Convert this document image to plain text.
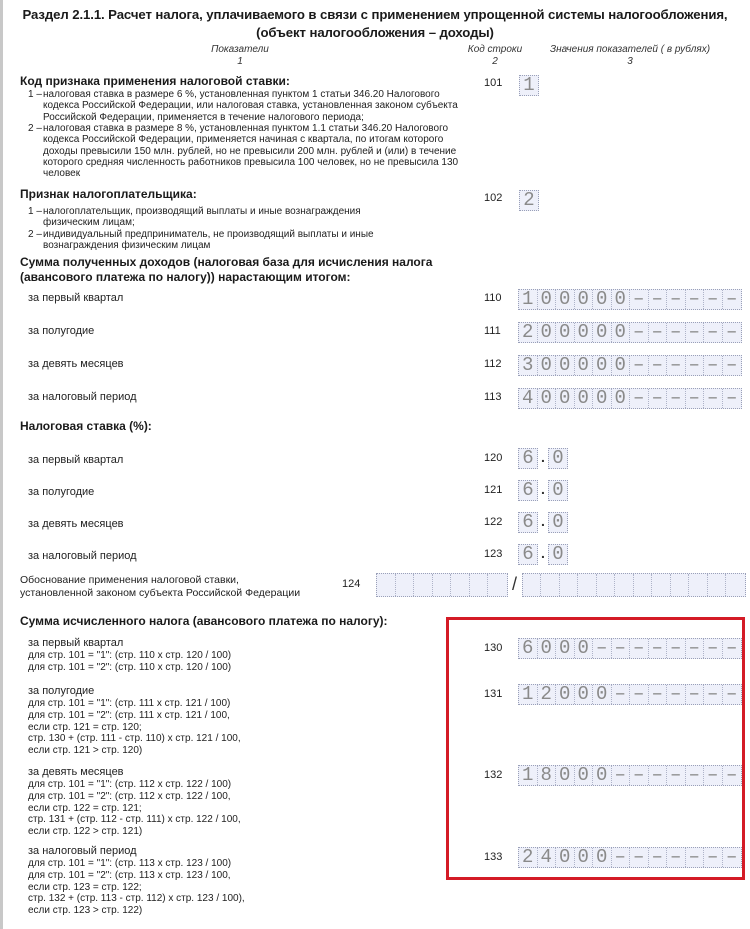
Раздел 2.1.1. Расчет налога, уплачиваемого в связи с применением упрощенной системы налогообложения,
(объект налогообложения – доходы)
Показатели
1
Код строки
2
Значения показателей ( в рублях)
3
Код признака применения налоговой ставки:
1 – налоговая ставка в размере 6 %, установленная пунктом 1 статьи 346.20 Налогового
кодекса Российской Федерации, или налоговая ставка, установленная законом субъекта
Российской Федерации, применяется в течение налогового периода;
2 – налоговая ставка в размере 8 %, установленная пунктом 1.1 статьи 346.20 Налогового
кодекса Российской Федерации, применяется начиная с квартала, по итогам которого
доходы превысили 150 млн. рублей, но не превысили 200 млн. рублей и (или) в течение
которого средняя численность работников превысила 100 человек, но не превысила 130
человек
101	1
Признак налогоплательщика:
1 – налогоплательщик, производящий выплаты и иные вознаграждения
физическим лицам;
2 – индивидуальный предприниматель, не производящий выплаты и иные
вознаграждения физическим лицам
102	2
Сумма полученных доходов (налоговая база для исчисления налога
(авансового платежа по налогу)) нарастающим итогом:
за первый квартал	110	1 0 0 0 0 0 – – – – – –
за полугодие	111	2 0 0 0 0 0 – – – – – –
за девять месяцев	112	3 0 0 0 0 0 – – – – – –
за налоговый период	113	4 0 0 0 0 0 – – – – – –
Налоговая ставка (%):
за первый квартал	120	6 . 0
за полугодие	121	6 . 0
за девять месяцев	122	6 . 0
за налоговый период	123	6 . 0
Обоснование применения налоговой ставки,
установленной законом субъекта Российской Федерации
124	/
Сумма исчисленного налога (авансового платежа по налогу):
за первый квартал
для стр. 101 = "1": (стр. 110 x стр. 120 / 100)
для стр. 101 = "2": (стр. 110 x стр. 120 / 100)
130	6 0 0 0 – – – – – – – –
за полугодие
для стр. 101 = "1": (стр. 111 x стр. 121 / 100)
для стр. 101 = "2": (стр. 111 x стр. 121 / 100,
если стр. 121 = стр. 120;
стр. 130 + (стр. 111 - стр. 110) x стр. 121 / 100,
если стр. 121 > стр. 120)
131	1 2 0 0 0 – – – – – – –
за девять месяцев
для стр. 101 = "1": (стр. 112 x стр. 122 / 100)
для стр. 101 = "2": (стр. 112 x стр. 122 / 100,
если стр. 122 = стр. 121;
стр. 131 + (стр. 112 - стр. 111) x стр. 122 / 100,
если стр. 122 > стр. 121)
132	1 8 0 0 0 – – – – – – –
за налоговый период
для стр. 101 = "1": (стр. 113 x стр. 123 / 100)
для стр. 101 = "2": (стр. 113 x стр. 123 / 100,
если стр. 123 = стр. 122;
стр. 132 + (стр. 113 - стр. 112) x стр. 123 / 100),
если стр. 123 > стр. 122)
133	2 4 0 0 0 – – – – – – –
